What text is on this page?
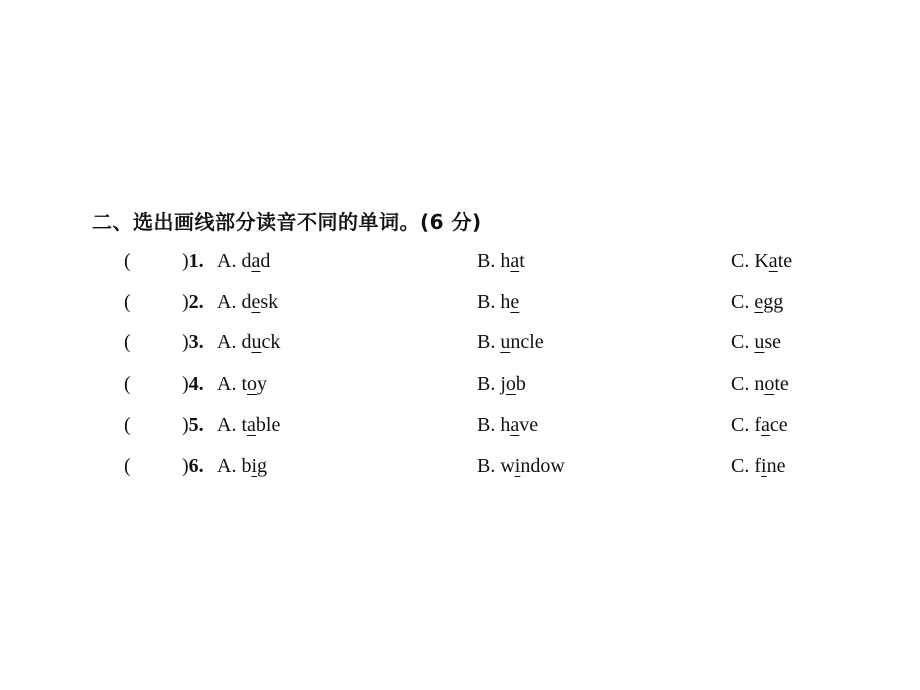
二、选出画线部分读音不同的单词。(6 分)
(	)1. A. dad	B. hat	C. Kate
(	)2. A. desk	B. he	C. egg
(	)3. A. duck	B. uncle	C. use
(	)4. A. toy	B. job	C. note
(	)5. A. table	B. have	C. face
(	)6. A. big	B. window	C. fine
